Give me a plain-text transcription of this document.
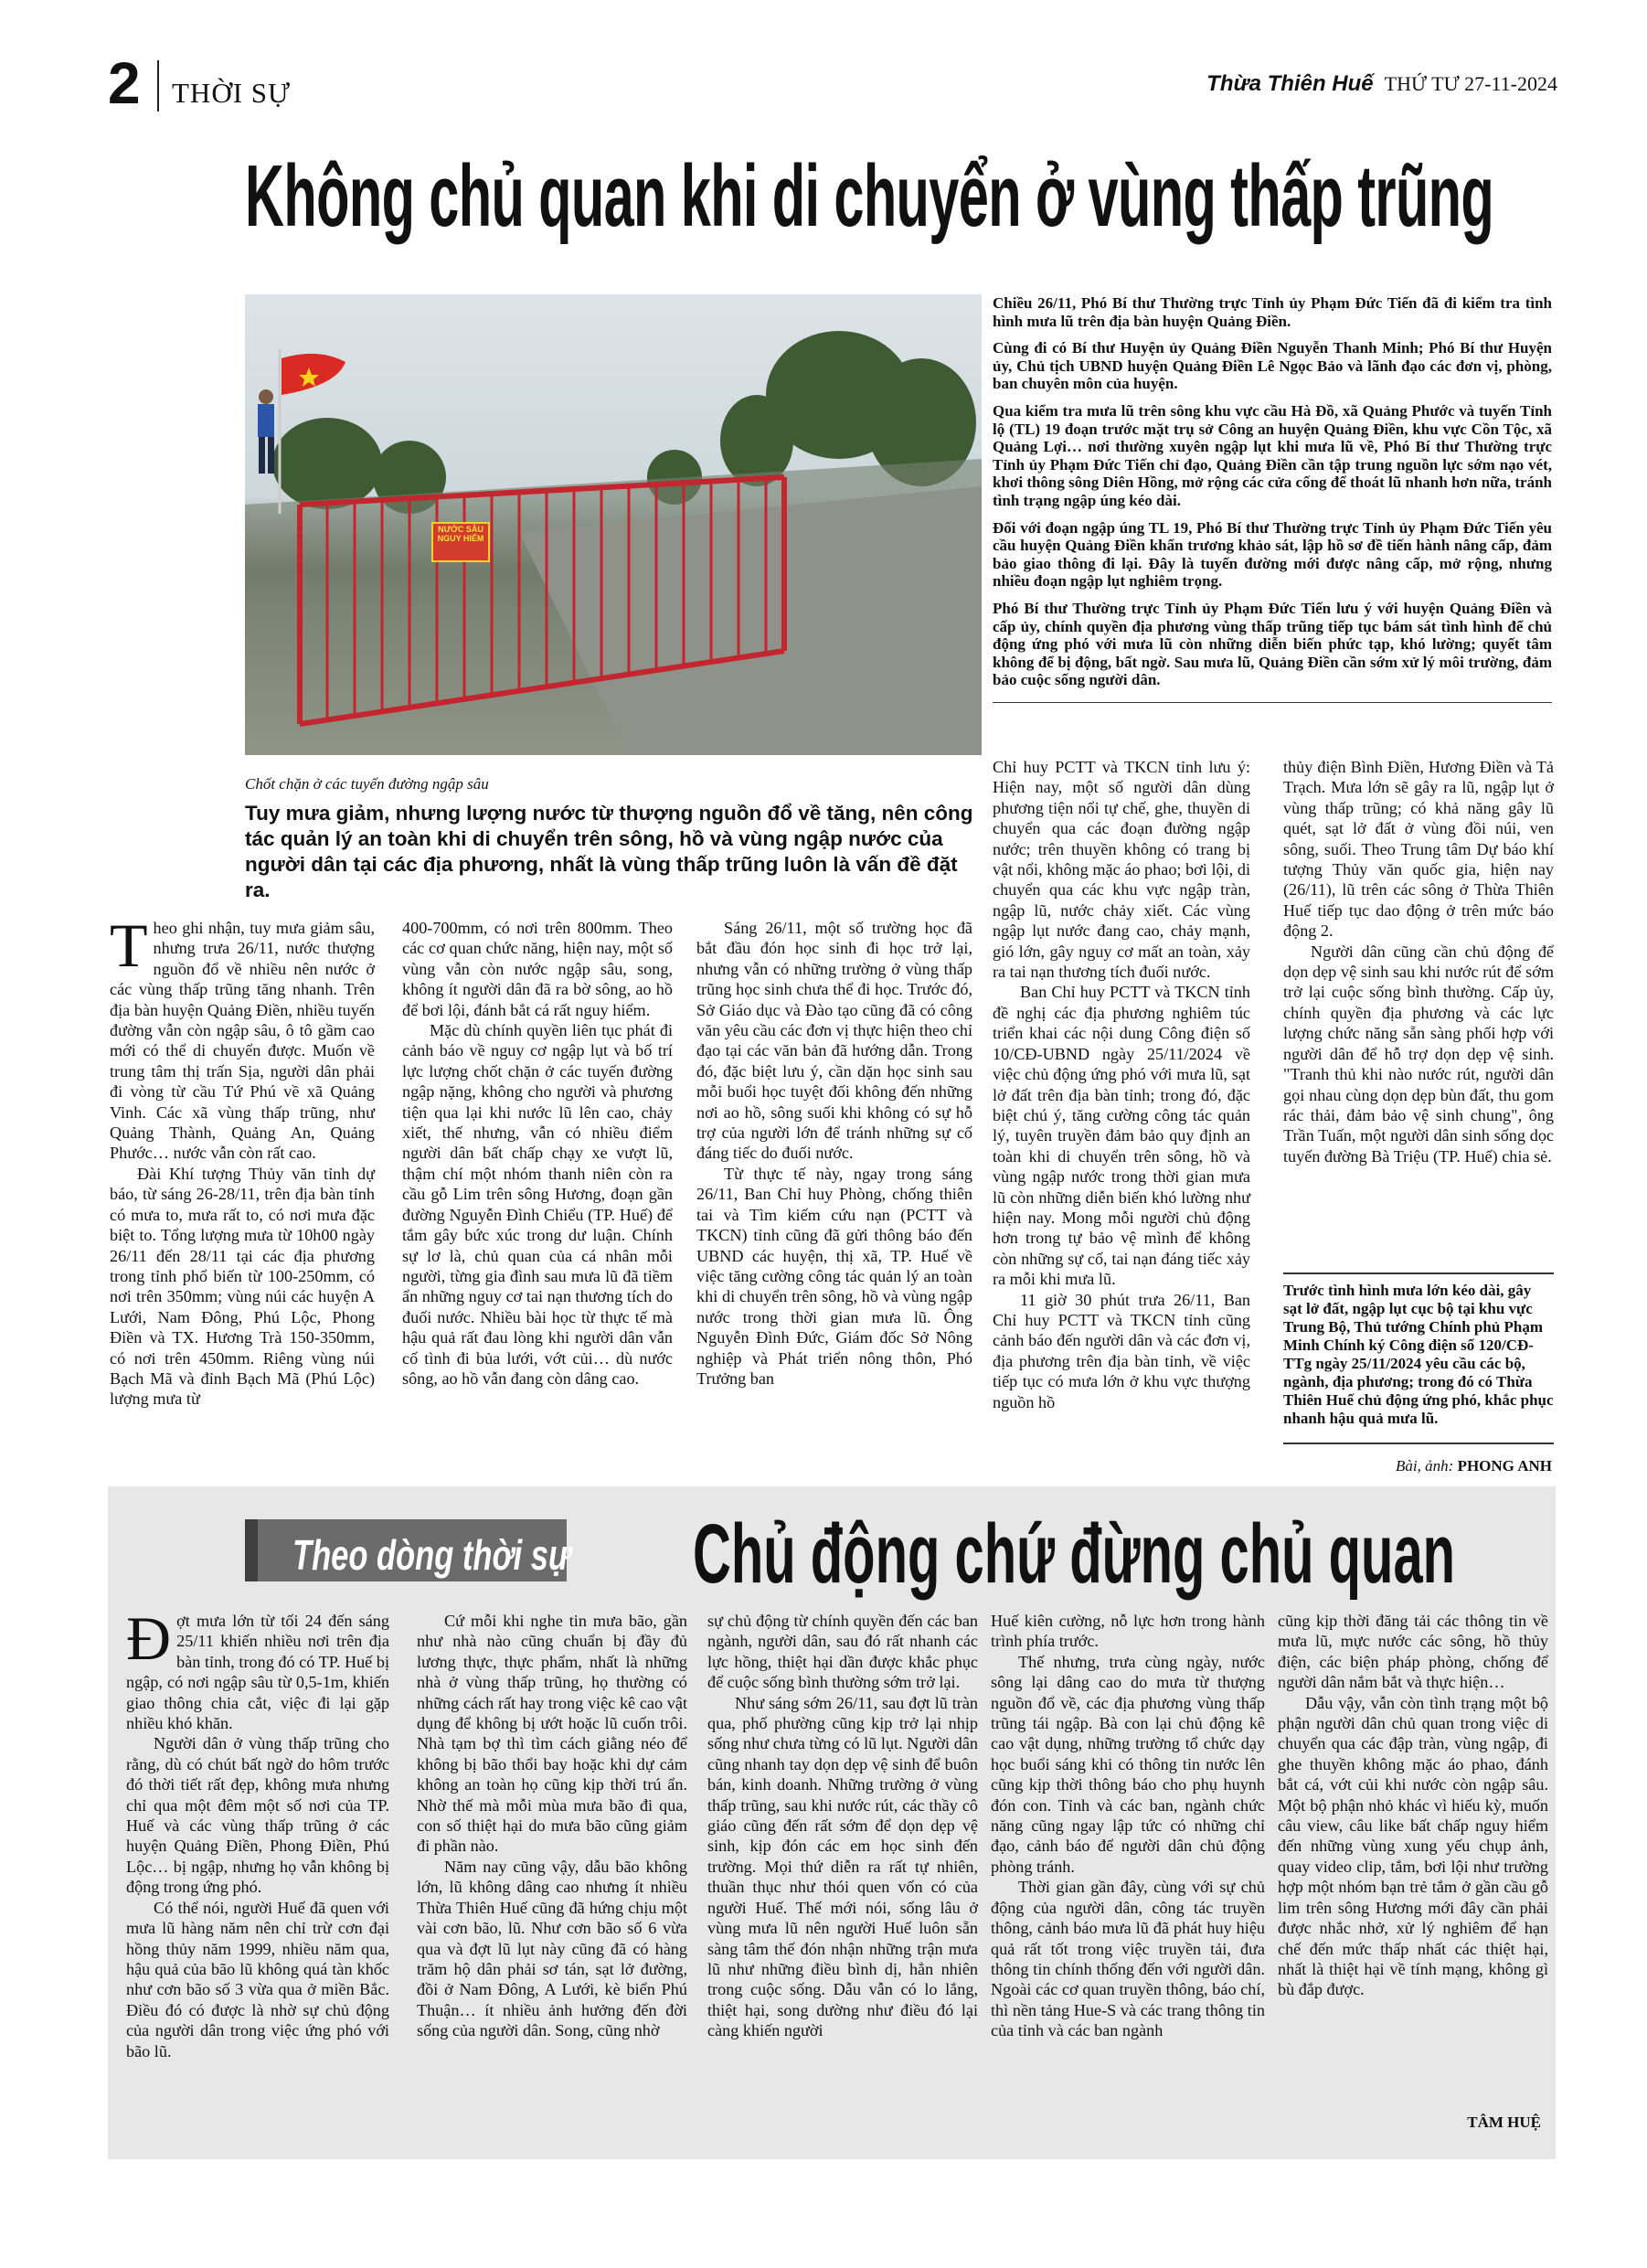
2 THỜI SỰ	Thừa Thiên Huế THỨ TƯ 27-11-2024
Không chủ quan khi di chuyển ở vùng thấp trũng
NƯỚC SÂU NGUY HIỂM
Chốt chặn ở các tuyến đường ngập sâu

Chiều 26/11, Phó Bí thư Thường trực Tỉnh ủy Phạm Đức Tiến đã đi kiểm tra tình hình mưa lũ trên địa bàn huyện Quảng Điền.

Cùng đi có Bí thư Huyện ủy Quảng Điền Nguyễn Thanh Minh; Phó Bí thư Huyện ủy, Chủ tịch UBND huyện Quảng Điền Lê Ngọc Bảo và lãnh đạo các đơn vị, phòng, ban chuyên môn của huyện.

Qua kiểm tra mưa lũ trên sông khu vực cầu Hà Đồ, xã Quảng Phước và tuyến Tỉnh lộ (TL) 19 đoạn trước mặt trụ sở Công an huyện Quảng Điền, khu vực Cồn Tộc, xã Quảng Lợi… nơi thường xuyên ngập lụt khi mưa lũ về, Phó Bí thư Thường trực Tỉnh ủy Phạm Đức Tiến chỉ đạo, Quảng Điền cần tập trung nguồn lực sớm nạo vét, khơi thông sông Diên Hồng, mở rộng các cửa cống để thoát lũ nhanh hơn nữa, tránh tình trạng ngập úng kéo dài.

Đối với đoạn ngập úng TL 19, Phó Bí thư Thường trực Tỉnh ủy Phạm Đức Tiến yêu cầu huyện Quảng Điền khẩn trương khảo sát, lập hồ sơ đề tiến hành nâng cấp, đảm bảo giao thông đi lại. Đây là tuyến đường mới được nâng cấp, mở rộng, nhưng nhiều đoạn ngập lụt nghiêm trọng.

Phó Bí thư Thường trực Tỉnh ủy Phạm Đức Tiến lưu ý với huyện Quảng Điền và cấp ủy, chính quyền địa phương vùng thấp trũng tiếp tục bám sát tình hình để chủ động ứng phó với mưa lũ còn những diễn biến phức tạp, khó lường; quyết tâm không để bị động, bất ngờ. Sau mưa lũ, Quảng Điền cần sớm xử lý môi trường, đảm bảo cuộc sống người dân.

Tuy mưa giảm, nhưng lượng nước từ thượng nguồn đổ về tăng, nên công tác quản lý an toàn khi di chuyển trên sông, hồ và vùng ngập nước của người dân tại các địa phương, nhất là vùng thấp trũng luôn là vấn đề đặt ra.

Theo ghi nhận, tuy mưa giảm sâu, nhưng trưa 26/11, nước thượng nguồn đổ về nhiều nên nước ở các vùng thấp trũng tăng nhanh. Trên địa bàn huyện Quảng Điền, nhiều tuyến đường vẫn còn ngập sâu, ô tô gầm cao mới có thể di chuyển được. Muốn về trung tâm thị trấn Sịa, người dân phải đi vòng từ cầu Tứ Phú về xã Quảng Vinh. Các xã vùng thấp trũng, như Quảng Thành, Quảng An, Quảng Phước… nước vẫn còn rất cao.

Đài Khí tượng Thủy văn tỉnh dự báo, từ sáng 26-28/11, trên địa bàn tỉnh có mưa to, mưa rất to, có nơi mưa đặc biệt to. Tổng lượng mưa từ 10h00 ngày 26/11 đến 28/11 tại các địa phương trong tỉnh phổ biến từ 100-250mm, có nơi trên 350mm; vùng núi các huyện A Lưới, Nam Đông, Phú Lộc, Phong Điền và TX. Hương Trà 150-350mm, có nơi trên 450mm. Riêng vùng núi Bạch Mã và đỉnh Bạch Mã (Phú Lộc) lượng mưa từ

400-700mm, có nơi trên 800mm. Theo các cơ quan chức năng, hiện nay, một số vùng vẫn còn nước ngập sâu, song, không ít người dân đã ra bờ sông, ao hồ để bơi lội, đánh bắt cá rất nguy hiểm.

Mặc dù chính quyền liên tục phát đi cảnh báo về nguy cơ ngập lụt và bố trí lực lượng chốt chặn ở các tuyến đường ngập nặng, không cho người và phương tiện qua lại khi nước lũ lên cao, chảy xiết, thế nhưng, vẫn có nhiều điểm người dân bất chấp chạy xe vượt lũ, thậm chí một nhóm thanh niên còn ra cầu gỗ Lim trên sông Hương, đoạn gần đường Nguyễn Đình Chiểu (TP. Huế) để tắm gây bức xúc trong dư luận. Chính sự lơ là, chủ quan của cá nhân mỗi người, từng gia đình sau mưa lũ đã tiềm ẩn những nguy cơ tai nạn thương tích do đuối nước. Nhiều bài học từ thực tế mà hậu quả rất đau lòng khi người dân vẫn cố tình đi bủa lưới, vớt củi… dù nước sông, ao hồ vẫn đang còn dâng cao.

Sáng 26/11, một số trường học đã bắt đầu đón học sinh đi học trở lại, nhưng vẫn có những trường ở vùng thấp trũng học sinh chưa thể đi học. Trước đó, Sở Giáo dục và Đào tạo cũng đã có công văn yêu cầu các đơn vị thực hiện theo chỉ đạo tại các văn bản đã hướng dẫn. Trong đó, đặc biệt lưu ý, cần dặn học sinh sau mỗi buổi học tuyệt đối không đến những nơi ao hồ, sông suối khi không có sự hỗ trợ của người lớn để tránh những sự cố đáng tiếc do đuối nước.

Từ thực tế này, ngay trong sáng 26/11, Ban Chỉ huy Phòng, chống thiên tai và Tìm kiếm cứu nạn (PCTT và TKCN) tỉnh cũng đã gửi thông báo đến UBND các huyện, thị xã, TP. Huế về việc tăng cường công tác quản lý an toàn khi di chuyển trên sông, hồ và vùng ngập nước trong thời gian mưa lũ. Ông Nguyễn Đình Đức, Giám đốc Sở Nông nghiệp và Phát triển nông thôn, Phó Trưởng ban

Chỉ huy PCTT và TKCN tỉnh lưu ý: Hiện nay, một số người dân dùng phương tiện nổi tự chế, ghe, thuyền di chuyển qua các đoạn đường ngập nước; trên thuyền không có trang bị vật nổi, không mặc áo phao; bơi lội, di chuyển qua các khu vực ngập tràn, ngập lũ, nước chảy xiết. Các vùng ngập lụt nước đang cao, chảy mạnh, gió lớn, gây nguy cơ mất an toàn, xảy ra tai nạn thương tích đuối nước.

Ban Chỉ huy PCTT và TKCN tỉnh đề nghị các địa phương nghiêm túc triển khai các nội dung Công điện số 10/CĐ-UBND ngày 25/11/2024 về việc chủ động ứng phó với mưa lũ, sạt lở đất trên địa bàn tỉnh; trong đó, đặc biệt chú ý, tăng cường công tác quản lý, tuyên truyền đảm bảo quy định an toàn khi di chuyển trên sông, hồ và vùng ngập nước trong thời gian mưa lũ còn những diễn biến khó lường như hiện nay. Mong mỗi người chủ động hơn trong tự bảo vệ mình để không còn những sự cố, tai nạn đáng tiếc xảy ra mỗi khi mưa lũ.

11 giờ 30 phút trưa 26/11, Ban Chỉ huy PCTT và TKCN tỉnh cũng cảnh báo đến người dân và các đơn vị, địa phương trên địa bàn tỉnh, về việc tiếp tục có mưa lớn ở khu vực thượng nguồn hồ

thủy điện Bình Điền, Hương Điền và Tả Trạch. Mưa lớn sẽ gây ra lũ, ngập lụt ở vùng thấp trũng; có khả năng gây lũ quét, sạt lở đất ở vùng đồi núi, ven sông, suối. Theo Trung tâm Dự báo khí tượng Thủy văn quốc gia, hiện nay (26/11), lũ trên các sông ở Thừa Thiên Huế tiếp tục dao động ở trên mức báo động 2.

Người dân cũng cần chủ động để dọn dẹp vệ sinh sau khi nước rút để sớm trở lại cuộc sống bình thường. Cấp ủy, chính quyền địa phương và các lực lượng chức năng sẵn sàng phối hợp với người dân để hỗ trợ dọn dẹp vệ sinh. "Tranh thủ khi nào nước rút, người dân gọi nhau cùng dọn dẹp bùn đất, thu gom rác thải, đảm bảo vệ sinh chung", ông Trần Tuấn, một người dân sinh sống dọc tuyến đường Bà Triệu (TP. Huế) chia sẻ.

Trước tình hình mưa lớn kéo dài, gây sạt lở đất, ngập lụt cục bộ tại khu vực Trung Bộ, Thủ tướng Chính phủ Phạm Minh Chính ký Công điện số 120/CĐ-TTg ngày 25/11/2024 yêu cầu các bộ, ngành, địa phương; trong đó có Thừa Thiên Huế chủ động ứng phó, khắc phục nhanh hậu quả mưa lũ.
Bài, ảnh: PHONG ANH
Theo dòng thời sự Chủ động chứ đừng chủ quan

Đợt mưa lớn từ tối 24 đến sáng 25/11 khiến nhiều nơi trên địa bàn tỉnh, trong đó có TP. Huế bị ngập, có nơi ngập sâu từ 0,5-1m, khiến giao thông chia cắt, việc đi lại gặp nhiều khó khăn.

Người dân ở vùng thấp trũng cho rằng, dù có chút bất ngờ do hôm trước đó thời tiết rất đẹp, không mưa nhưng chỉ qua một đêm một số nơi của TP. Huế và các vùng thấp trũng ở các huyện Quảng Điền, Phong Điền, Phú Lộc… bị ngập, nhưng họ vẫn không bị động trong ứng phó.

Có thể nói, người Huế đã quen với mưa lũ hàng năm nên chỉ trừ cơn đại hồng thủy năm 1999, nhiều năm qua, hậu quả của bão lũ không quá tàn khốc như cơn bão số 3 vừa qua ở miền Bắc. Điều đó có được là nhờ sự chủ động của người dân trong việc ứng phó với bão lũ.

Cứ mỗi khi nghe tin mưa bão, gần như nhà nào cũng chuẩn bị đầy đủ lương thực, thực phẩm, nhất là những nhà ở vùng thấp trũng, họ thường có những cách rất hay trong việc kê cao vật dụng để không bị ướt hoặc lũ cuốn trôi. Nhà tạm bợ thì tìm cách giằng néo để không bị bão thổi bay hoặc khi dự cảm không an toàn họ cũng kịp thời trú ẩn. Nhờ thế mà mỗi mùa mưa bão đi qua, con số thiệt hại do mưa bão cũng giảm đi phần nào.

Năm nay cũng vậy, dẫu bão không lớn, lũ không dâng cao nhưng ít nhiều Thừa Thiên Huế cũng đã hứng chịu một vài cơn bão, lũ. Như cơn bão số 6 vừa qua và đợt lũ lụt này cũng đã có hàng trăm hộ dân phải sơ tán, sạt lở đường, đồi ở Nam Đông, A Lưới, kè biển Phú Thuận… ít nhiều ảnh hưởng đến đời sống của người dân. Song, cũng nhờ

sự chủ động từ chính quyền đến các ban ngành, người dân, sau đó rất nhanh các lực hồng, thiệt hại dần được khắc phục để cuộc sống bình thường sớm trở lại.

Như sáng sớm 26/11, sau đợt lũ tràn qua, phố phường cũng kịp trở lại nhịp sống như chưa từng có lũ lụt. Người dân cũng nhanh tay dọn dẹp vệ sinh để buôn bán, kinh doanh. Những trường ở vùng thấp trũng, sau khi nước rút, các thầy cô giáo cũng đến rất sớm để dọn dẹp vệ sinh, kịp đón các em học sinh đến trường. Mọi thứ diễn ra rất tự nhiên, thuần thục như thói quen vốn có của người Huế. Thế mới nói, sống lâu ở vùng mưa lũ nên người Huế luôn sẵn sàng tâm thế đón nhận những trận mưa lũ như những điều bình dị, hẳn nhiên trong cuộc sống. Dẫu vẫn có lo lắng, thiệt hại, song dường như điều đó lại càng khiến người

Huế kiên cường, nỗ lực hơn trong hành trình phía trước.

Thế nhưng, trưa cùng ngày, nước sông lại dâng cao do mưa từ thượng nguồn đổ về, các địa phương vùng thấp trũng tái ngập. Bà con lại chủ động kê cao vật dụng, những trường tổ chức dạy học buổi sáng khi có thông tin nước lên cũng kịp thời thông báo cho phụ huynh đón con. Tỉnh và các ban, ngành chức năng cũng ngay lập tức có những chỉ đạo, cảnh báo để người dân chủ động phòng tránh.

Thời gian gần đây, cùng với sự chủ động của người dân, công tác truyền thông, cảnh báo mưa lũ đã phát huy hiệu quả rất tốt trong việc truyền tải, đưa thông tin chính thống đến với người dân. Ngoài các cơ quan truyền thông, báo chí, thì nền tảng Hue-S và các trang thông tin của tỉnh và các ban ngành

cũng kịp thời đăng tải các thông tin về mưa lũ, mực nước các sông, hồ thủy điện, các biện pháp phòng, chống để người dân nắm bắt và thực hiện…

Dẫu vậy, vẫn còn tình trạng một bộ phận người dân chủ quan trong việc di chuyển qua các đập tràn, vùng ngập, đi ghe thuyền không mặc áo phao, đánh bắt cá, vớt củi khi nước còn ngập sâu. Một bộ phận nhỏ khác vì hiếu kỳ, muốn câu view, câu like bất chấp nguy hiểm đến những vùng xung yếu chụp ảnh, quay video clip, tắm, bơi lội như trường hợp một nhóm bạn trẻ tắm ở gần cầu gỗ lim trên sông Hương mới đây cần phải được nhắc nhở, xử lý nghiêm để hạn chế đến mức thấp nhất các thiệt hại, nhất là thiệt hại về tính mạng, không gì bù đắp được.

TÂM HUỆ
